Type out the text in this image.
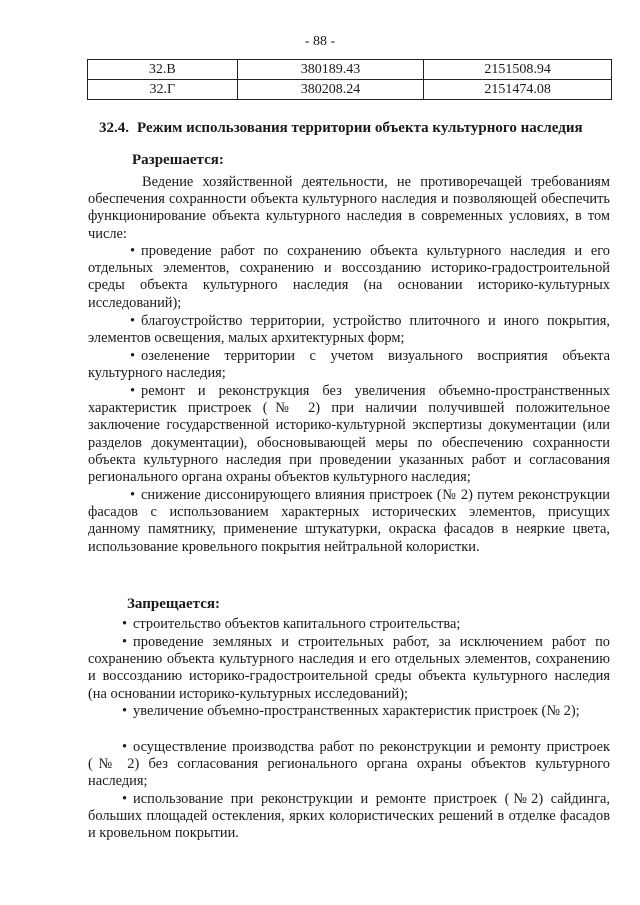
- 88 -
32.В	380189.43	2151508.94
32.Г	380208.24	2151474.08
32.4. Режим использования территории объекта культурного наследия
Разрешается:

Ведение хозяйственной деятельности, не противоречащей требованиям обеспечения сохранности объекта культурного наследия и позволяющей обеспечить функционирование объекта культурного наследия в современных условиях, в том числе:

• проведение работ по сохранению объекта культурного наследия и его отдельных элементов, сохранению и воссозданию историко-градостроительной среды объекта культурного наследия (на основании историко-культурных исследований);

• благоустройство территории, устройство плиточного и иного покрытия, элементов освещения, малых архитектурных форм;

• озеленение территории с учетом визуального восприятия объекта культурного наследия;

• ремонт и реконструкция без увеличения объемно-пространственных характеристик пристроек (№ 2) при наличии получившей положительное заключение государственной историко-культурной экспертизы документации (или разделов документации), обосновывающей меры по обеспечению сохранности объекта культурного наследия при проведении указанных работ и согласования регионального органа охраны объектов культурного наследия;

• снижение диссонирующего влияния пристроек (№ 2) путем реконструкции фасадов с использованием характерных исторических элементов, присущих данному памятнику, применение штукатурки, окраска фасадов в неяркие цвета, использование кровельного покрытия нейтральной колористки.

Запрещается:

• строительство объектов капитального строительства;

• проведение земляных и строительных работ, за исключением работ по сохранению объекта культурного наследия и его отдельных элементов, сохранению и воссозданию историко-градостроительной среды объекта культурного наследия (на основании историко-культурных исследований);

• увеличение объемно-пространственных характеристик пристроек (№ 2);

• осуществление производства работ по реконструкции и ремонту пристроек (№ 2) без согласования регионального органа охраны объектов культурного наследия;

• использование при реконструкции и ремонте пристроек (№2) сайдинга, больших площадей остекления, ярких колористических решений в отделке фасадов и кровельном покрытии.
